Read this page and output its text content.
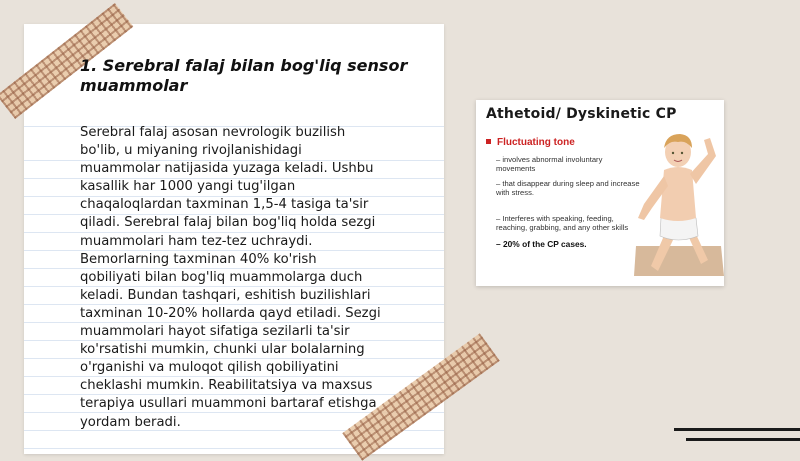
1. Serebral falaj bilan bog'liq sensor muammolar
Serebral falaj asosan nevrologik buzilish
bo'lib, u miyaning rivojlanishidagi
muammolar natijasida yuzaga keladi. Ushbu
kasallik har 1000 yangi tug'ilgan
chaqaloqlardan taxminan 1,5-4 tasiga ta'sir
qiladi. Serebral falaj bilan bog'liq holda sezgi
muammolari ham tez-tez uchraydi.
Bemorlarning taxminan 40% ko'rish
qobiliyati bilan bog'liq muammolarga duch
keladi. Bundan tashqari, eshitish buzilishlari
taxminan 10-20% hollarda qayd etiladi. Sezgi
muammolari hayot sifatiga sezilarli ta'sir
ko'rsatishi mumkin, chunki ular bolalarning
o'rganishi va muloqot qilish qobiliyatini
cheklashi mumkin. Reabilitatsiya va maxsus
terapiya usullari muammoni bartaraf etishga
yordam beradi.
Athetoid/ Dyskinetic CP
Fluctuating tone
– involves abnormal involuntary movements
– that disappear during sleep and increase with stress.
– Interferes with speaking, feeding, reaching, grabbing, and any other skills
– 20% of the CP cases.
